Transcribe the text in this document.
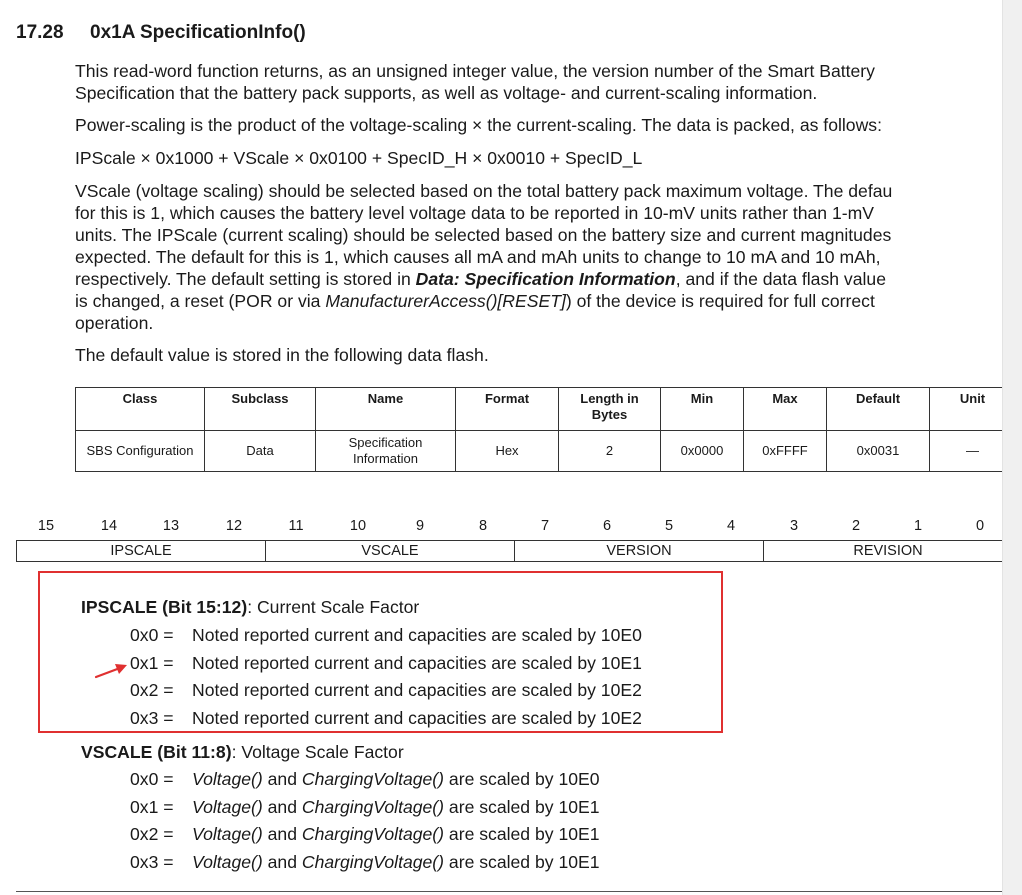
17.28 0x1A SpecificationInfo()

This read-word function returns, as an unsigned integer value, the version number of the Smart Battery
Specification that the battery pack supports, as well as voltage- and current-scaling information.

Power-scaling is the product of the voltage-scaling × the current-scaling. The data is packed, as follows:

IPScale × 0x1000 + VScale × 0x0100 + SpecID_H × 0x0010 + SpecID_L

VScale (voltage scaling) should be selected based on the total battery pack maximum voltage. The defau
for this is 1, which causes the battery level voltage data to be reported in 10-mV units rather than 1-mV
units. The IPScale (current scaling) should be selected based on the battery size and current magnitudes
expected. The default for this is 1, which causes all mA and mAh units to change to 10 mA and 10 mAh,
respectively. The default setting is stored in Data: Specification Information, and if the data flash value
is changed, a reset (POR or via ManufacturerAccess()[RESET]) of the device is required for full correct
operation.

The default value is stored in the following data flash.

Class	Subclass	Name	Format	Length in Bytes	Min	Max	Default	Unit
SBS Configuration	Data	Specification Information	Hex	2	0x0000	0xFFFF	0x0031	—
15	14	13	12	11	10	9	8	7	6	5	4	3	2	1	0
IPSCALE	VSCALE	VERSION	REVISION

IPSCALE (Bit 15:12): Current Scale Factor

0x0 = Noted reported current and capacities are scaled by 10E0
0x1 = Noted reported current and capacities are scaled by 10E1
0x2 = Noted reported current and capacities are scaled by 10E2
0x3 = Noted reported current and capacities are scaled by 10E2

VSCALE (Bit 11:8): Voltage Scale Factor

0x0 = Voltage() and ChargingVoltage() are scaled by 10E0
0x1 = Voltage() and ChargingVoltage() are scaled by 10E1
0x2 = Voltage() and ChargingVoltage() are scaled by 10E1
0x3 = Voltage() and ChargingVoltage() are scaled by 10E1
